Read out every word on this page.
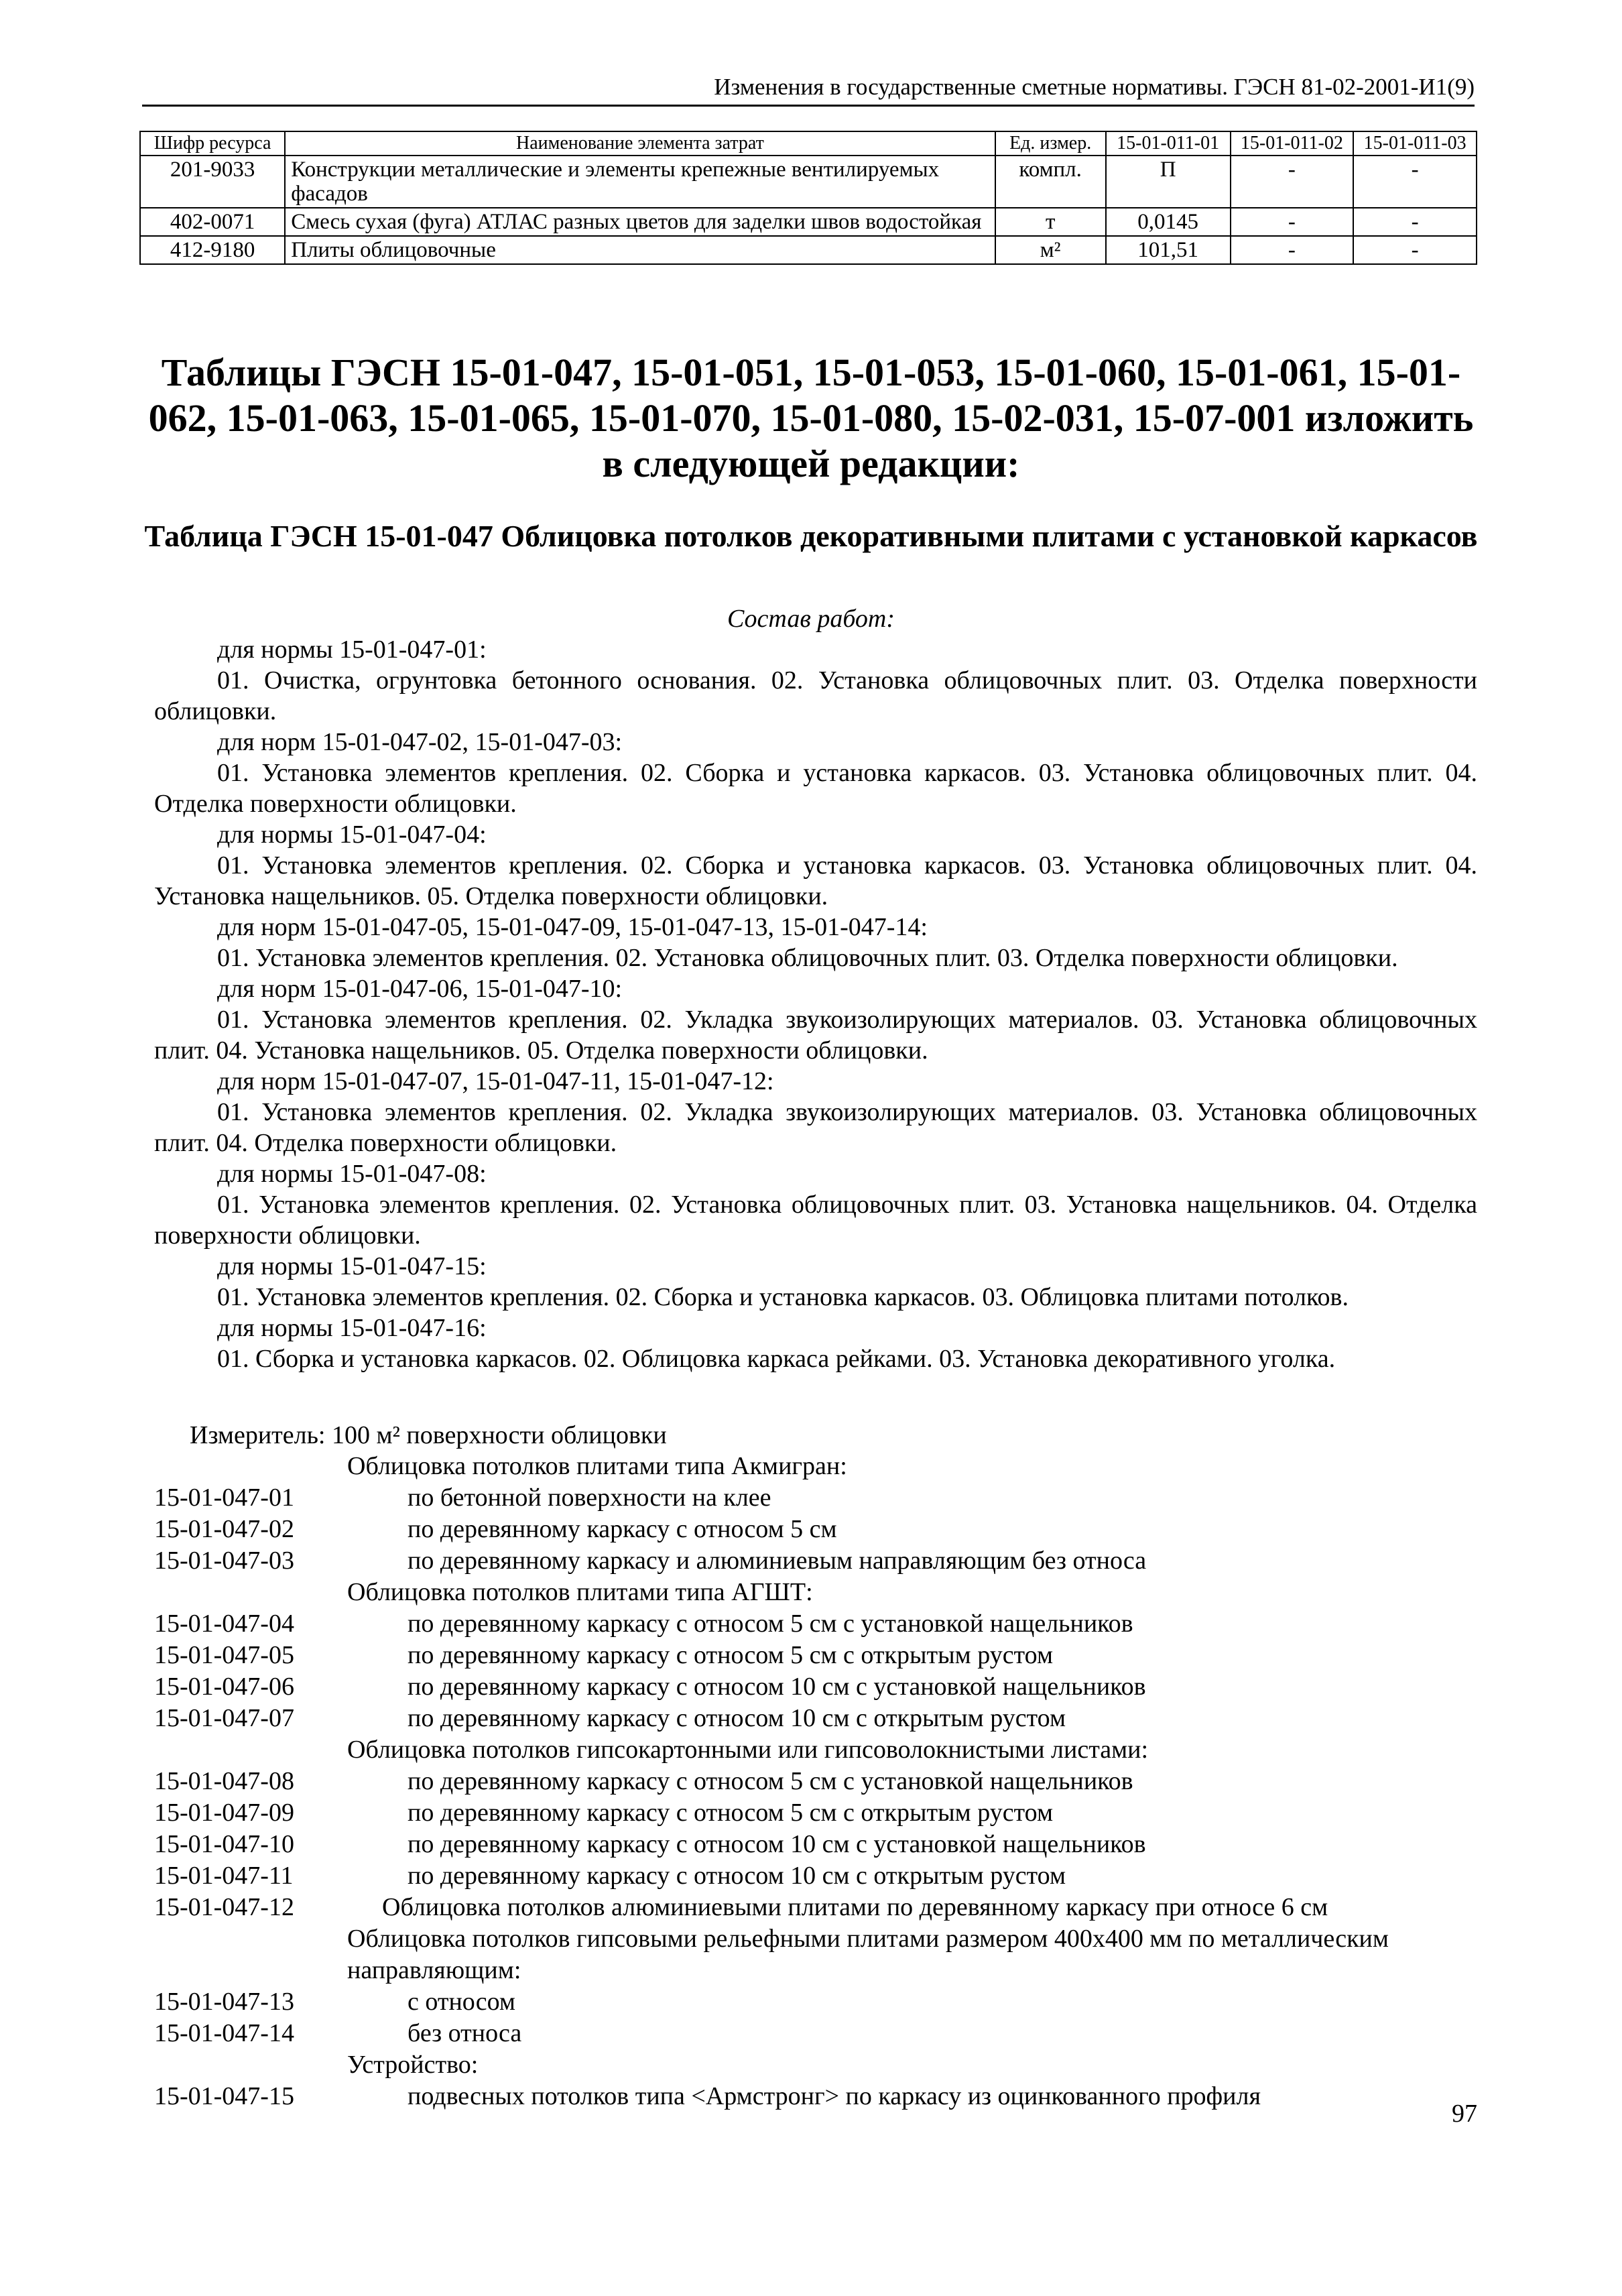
Изменения в государственные сметные нормативы. ГЭСН 81-02-2001-И1(9)
Шифр ресурса	Наименование элемента затрат	Ед. измер.	15-01-011-01	15-01-011-02	15-01-011-03
201-9033	Конструкции металлические и элементы крепежные вентилируемых фасадов	компл.	П	-	-
402-0071	Смесь сухая (фуга) АТЛАС разных цветов для заделки швов водостойкая	т	0,0145	-	-
412-9180	Плиты облицовочные	м²	101,51	-	-
Таблицы ГЭСН 15-01-047, 15-01-051, 15-01-053, 15-01-060, 15-01-061, 15-01-062, 15-01-063, 15-01-065, 15-01-070, 15-01-080, 15-02-031, 15-07-001 изложить в следующей редакции:
Таблица ГЭСН 15-01-047 Облицовка потолков декоративными плитами с установкой каркасов
Состав работ:
для нормы 15-01-047-01:
01. Очистка, огрунтовка бетонного основания. 02. Установка облицовочных плит. 03. Отделка поверхности облицовки.
для норм 15-01-047-02, 15-01-047-03:
01. Установка элементов крепления. 02. Сборка и установка каркасов. 03. Установка облицовочных плит. 04. Отделка поверхности облицовки.
для нормы 15-01-047-04:
01. Установка элементов крепления. 02. Сборка и установка каркасов. 03. Установка облицовочных плит. 04. Установка нащельников. 05. Отделка поверхности облицовки.
для норм 15-01-047-05, 15-01-047-09, 15-01-047-13, 15-01-047-14:
01. Установка элементов крепления. 02. Установка облицовочных плит. 03. Отделка поверхности облицовки.
для норм 15-01-047-06, 15-01-047-10:
01. Установка элементов крепления. 02. Укладка звукоизолирующих материалов. 03. Установка облицовочных плит. 04. Установка нащельников. 05. Отделка поверхности облицовки.
для норм 15-01-047-07, 15-01-047-11, 15-01-047-12:
01. Установка элементов крепления. 02. Укладка звукоизолирующих материалов. 03. Установка облицовочных плит. 04. Отделка поверхности облицовки.
для нормы 15-01-047-08:
01. Установка элементов крепления. 02. Установка облицовочных плит. 03. Установка нащельников. 04. Отделка поверхности облицовки.
для нормы 15-01-047-15:
01. Установка элементов крепления. 02. Сборка и установка каркасов. 03. Облицовка плитами потолков.
для нормы 15-01-047-16:
01. Сборка и установка каркасов. 02. Облицовка каркаса рейками. 03. Установка декоративного уголка.
Измеритель: 100 м² поверхности облицовки
Облицовка потолков плитами типа Акмигран:
15-01-047-01	по бетонной поверхности на клее
15-01-047-02	по деревянному каркасу с относом 5 см
15-01-047-03	по деревянному каркасу и алюминиевым направляющим без относа
Облицовка потолков плитами типа АГШТ:
15-01-047-04	по деревянному каркасу с относом 5 см с установкой нащельников
15-01-047-05	по деревянному каркасу с относом 5 см с открытым рустом
15-01-047-06	по деревянному каркасу с относом 10 см с установкой нащельников
15-01-047-07	по деревянному каркасу с относом 10 см с открытым рустом
Облицовка потолков гипсокартонными или гипсоволокнистыми листами:
15-01-047-08	по деревянному каркасу с относом 5 см с установкой нащельников
15-01-047-09	по деревянному каркасу с относом 5 см с открытым рустом
15-01-047-10	по деревянному каркасу с относом 10 см с установкой нащельников
15-01-047-11	по деревянному каркасу с относом 10 см с открытым рустом
15-01-047-12	Облицовка потолков алюминиевыми плитами по деревянному каркасу при относе 6 см
Облицовка потолков гипсовыми рельефными плитами размером 400х400 мм по металлическим направляющим:
15-01-047-13	с относом
15-01-047-14	без относа
Устройство:
15-01-047-15	подвесных потолков типа <Армстронг> по каркасу из оцинкованного профиля
97
